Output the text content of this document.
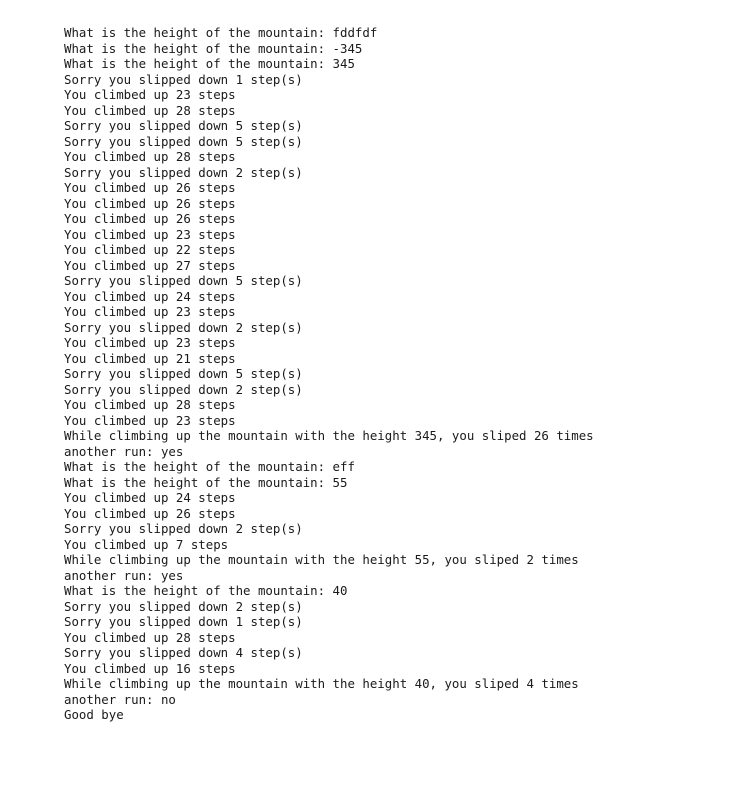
What is the height of the mountain: fddfdf
What is the height of the mountain: -345
What is the height of the mountain: 345
Sorry you slipped down 1 step(s)
You climbed up 23 steps
You climbed up 28 steps
Sorry you slipped down 5 step(s)
Sorry you slipped down 5 step(s)
You climbed up 28 steps
Sorry you slipped down 2 step(s)
You climbed up 26 steps
You climbed up 26 steps
You climbed up 26 steps
You climbed up 23 steps
You climbed up 22 steps
You climbed up 27 steps
Sorry you slipped down 5 step(s)
You climbed up 24 steps
You climbed up 23 steps
Sorry you slipped down 2 step(s)
You climbed up 23 steps
You climbed up 21 steps
Sorry you slipped down 5 step(s)
Sorry you slipped down 2 step(s)
You climbed up 28 steps
You climbed up 23 steps
While climbing up the mountain with the height 345, you sliped 26 times
another run: yes
What is the height of the mountain: eff
What is the height of the mountain: 55
You climbed up 24 steps
You climbed up 26 steps
Sorry you slipped down 2 step(s)
You climbed up 7 steps
While climbing up the mountain with the height 55, you sliped 2 times
another run: yes
What is the height of the mountain: 40
Sorry you slipped down 2 step(s)
Sorry you slipped down 1 step(s)
You climbed up 28 steps
Sorry you slipped down 4 step(s)
You climbed up 16 steps
While climbing up the mountain with the height 40, you sliped 4 times
another run: no
Good bye
